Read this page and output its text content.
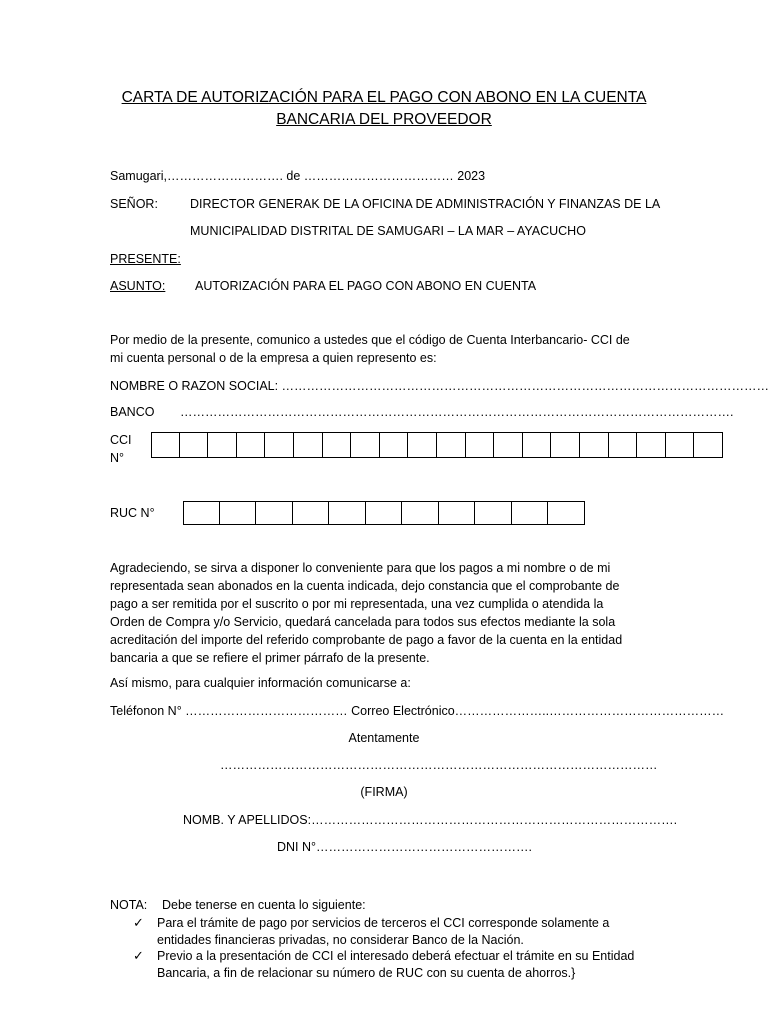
CARTA DE AUTORIZACIÓN PARA EL PAGO CON ABONO EN LA CUENTA
BANCARIA DEL PROVEEDOR
Samugari,………………………. de ……………………………… 2023
SEÑOR:	DIRECTOR GENERAK DE LA OFICINA DE ADMINISTRACIÓN Y FINANZAS DE LA
MUNICIPALIDAD DISTRITAL DE SAMUGARI – LA MAR – AYACUCHO
PRESENTE:
ASUNTO: AUTORIZACIÓN PARA EL PAGO CON ABONO EN CUENTA
Por medio de la presente, comunico a ustedes que el código de Cuenta Interbancario- CCI de
mi cuenta personal o de la empresa a quien represento es:
NOMBRE O RAZON SOCIAL: ………………………………………………………………………………………………………
BANCO …………………………………………………………………………………………………………………….
CCI
N°
RUC N°
Agradeciendo, se sirva a disponer lo conveniente para que los pagos a mi nombre o de mi
representada sean abonados en la cuenta indicada, dejo constancia que el comprobante de
pago a ser remitida por el suscrito o por mi representada, una vez cumplida o atendida la
Orden de Compra y/o Servicio, quedará cancelada para todos sus efectos mediante la sola
acreditación del importe del referido comprobante de pago a favor de la cuenta en la entidad
bancaria a que se refiere el primer párrafo de la presente.
Así mismo, para cualquier información comunicarse a:
Teléfonon N° ………………………………… Correo Electrónico…………………..……………………………………
Atentamente
……………………………………………………………………………………………
(FIRMA)
NOMB. Y APELLIDOS:…………………………………………………………………………….
DNI N°…………………………………………….
NOTA: Debe tenerse en cuenta lo siguiente:
✓ Para el trámite de pago por servicios de terceros el CCI corresponde solamente a
entidades financieras privadas, no considerar Banco de la Nación.
✓ Previo a la presentación de CCI el interesado deberá efectuar el trámite en su Entidad
Bancaria, a fin de relacionar su número de RUC con su cuenta de ahorros.}
